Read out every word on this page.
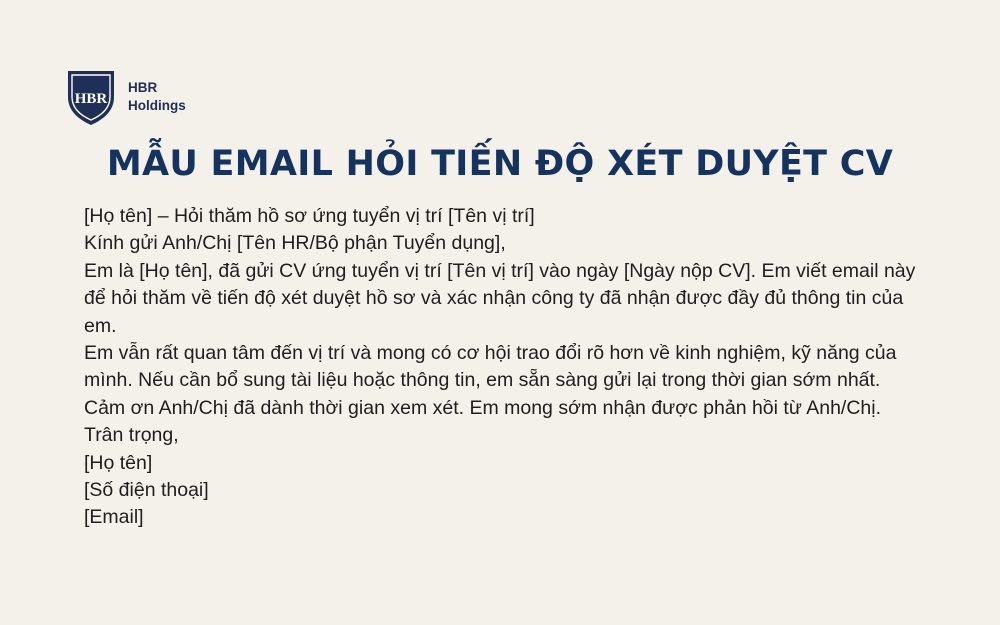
HBR
HBR
Holdings
MẪU EMAIL HỎI TIẾN ĐỘ XÉT DUYỆT CV

[Họ tên] – Hỏi thăm hồ sơ ứng tuyển vị trí [Tên vị trí]

Kính gửi Anh/Chị [Tên HR/Bộ phận Tuyển dụng],

Em là [Họ tên], đã gửi CV ứng tuyển vị trí [Tên vị trí] vào ngày [Ngày nộp CV]. Em viết email này để hỏi thăm về tiến độ xét duyệt hồ sơ và xác nhận công ty đã nhận được đầy đủ thông tin của em.

Em vẫn rất quan tâm đến vị trí và mong có cơ hội trao đổi rõ hơn về kinh nghiệm, kỹ năng của mình. Nếu cần bổ sung tài liệu hoặc thông tin, em sẵn sàng gửi lại trong thời gian sớm nhất.

Cảm ơn Anh/Chị đã dành thời gian xem xét. Em mong sớm nhận được phản hồi từ Anh/Chị.

Trân trọng,

[Họ tên]

[Số điện thoại]

[Email]
